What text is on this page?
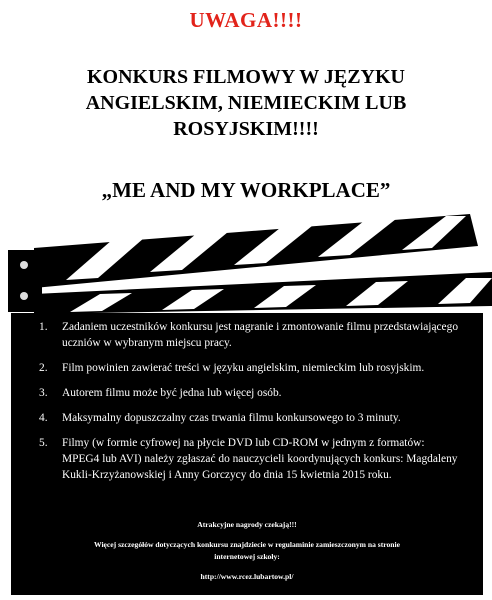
UWAGA!!!!
KONKURS FILMOWY W JĘZYKU
ANGIELSKIM, NIEMIECKIM LUB
ROSYJSKIM!!!!
„ME AND MY WORKPLACE”
1. Zadaniem uczestników konkursu jest nagranie i zmontowanie filmu przedstawiającego uczniów w wybranym miejscu pracy.
2. Film powinien zawierać treści w języku angielskim, niemieckim lub rosyjskim.
3. Autorem filmu może być jedna lub więcej osób.
4. Maksymalny dopuszczalny czas trwania filmu konkursowego to 3 minuty.
5. Filmy (w formie cyfrowej na płycie DVD lub CD-ROM w jednym z formatów: MPEG4 lub AVI) należy zgłaszać do nauczycieli koordynujących konkurs: Magdaleny Kukli-Krzyżanowskiej i Anny Gorczycy do dnia 15 kwietnia 2015 roku.
Atrakcyjne nagrody czekają!!!
Więcej szczegółów dotyczących konkursu znajdziecie w regulaminie zamieszczonym na stronie internetowej szkoły:
http://www.rcez.lubartow.pl/
